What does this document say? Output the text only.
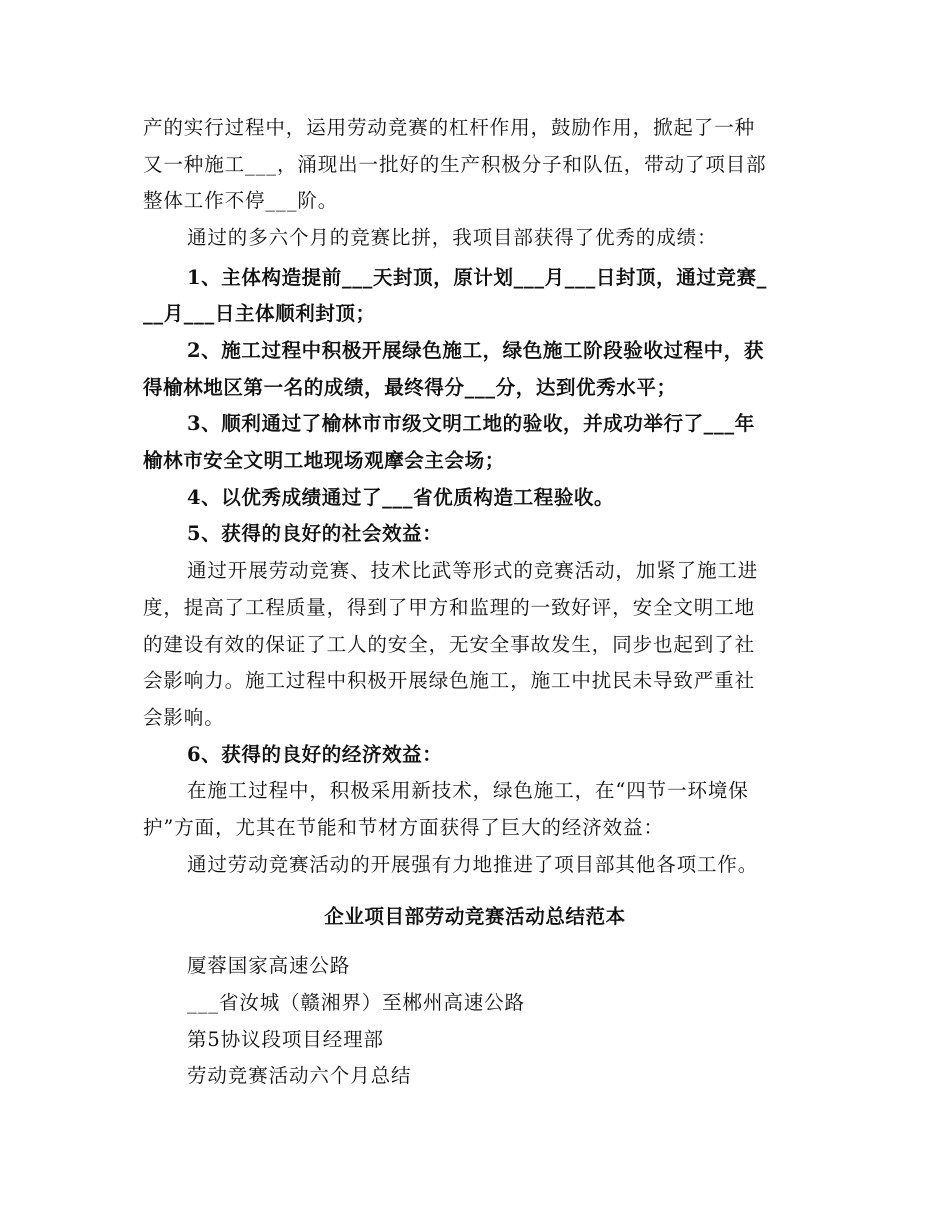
产的实行过程中，运用劳动竞赛的杠杆作用，鼓励作用，掀起了一种
又一种施工___，涌现出一批好的生产积极分子和队伍，带动了项目部
整体工作不停___阶。
通过的多六个月的竞赛比拼，我项目部获得了优秀的成绩：
1、主体构造提前___天封顶，原计划___月___日封顶，通过竞赛_
__月___日主体顺利封顶；
2、施工过程中积极开展绿色施工，绿色施工阶段验收过程中，获
得榆林地区第一名的成绩，最终得分___分，达到优秀水平；
3、顺利通过了榆林市市级文明工地的验收，并成功举行了___年
榆林市安全文明工地现场观摩会主会场；
4、以优秀成绩通过了___省优质构造工程验收。
5、获得的良好的社会效益：
通过开展劳动竞赛、技术比武等形式的竞赛活动，加紧了施工进
度，提高了工程质量，得到了甲方和监理的一致好评，安全文明工地
的建设有效的保证了工人的安全，无安全事故发生，同步也起到了社
会影响力。施工过程中积极开展绿色施工，施工中扰民未导致严重社
会影响。
6、获得的良好的经济效益：
在施工过程中，积极采用新技术，绿色施工，在“四节一环境保
护”方面，尤其在节能和节材方面获得了巨大的经济效益：
通过劳动竞赛活动的开展强有力地推进了项目部其他各项工作。
企业项目部劳动竞赛活动总结范本
厦蓉国家高速公路
___省汝城（赣湘界）至郴州高速公路
第5协议段项目经理部
劳动竞赛活动六个月总结
